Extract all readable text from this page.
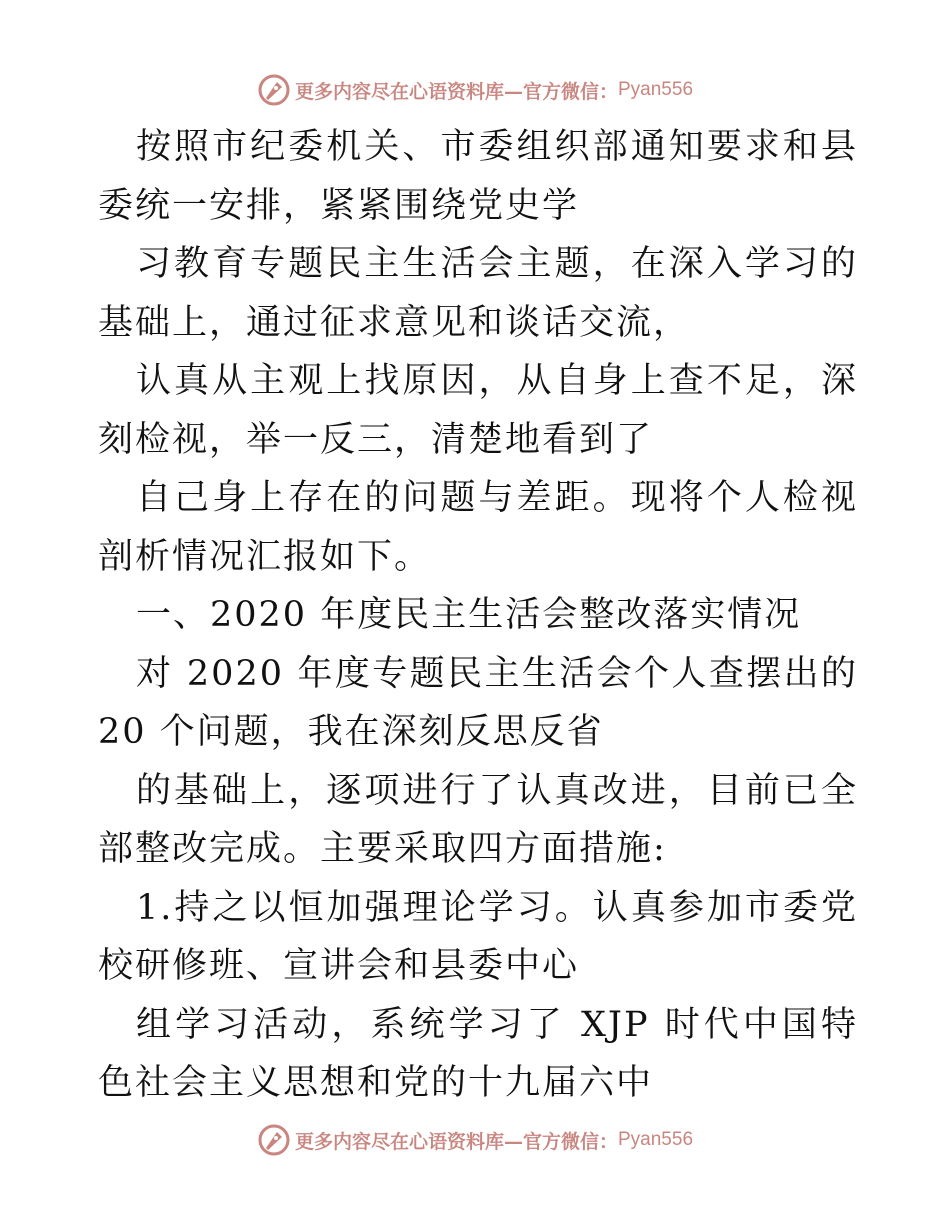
更多内容尽在心语资料库—官方微信： Pyan556

按照市纪委机关、市委组织部通知要求和县委统一安排，紧紧围绕党史学

习教育专题民主生活会主题，在深入学习的基础上，通过征求意见和谈话交流，

认真从主观上找原因，从自身上查不足，深刻检视，举一反三，清楚地看到了

自己身上存在的问题与差距。现将个人检视剖析情况汇报如下。

一、2020 年度民主生活会整改落实情况

对 2020 年度专题民主生活会个人查摆出的 20 个问题，我在深刻反思反省

的基础上，逐项进行了认真改进，目前已全部整改完成。主要采取四方面措施:

1.持之以恒加强理论学习。认真参加市委党校研修班、宣讲会和县委中心

组学习活动，系统学习了 XJP 时代中国特色社会主义思想和党的十九届六中

更多内容尽在心语资料库—官方微信： Pyan556
